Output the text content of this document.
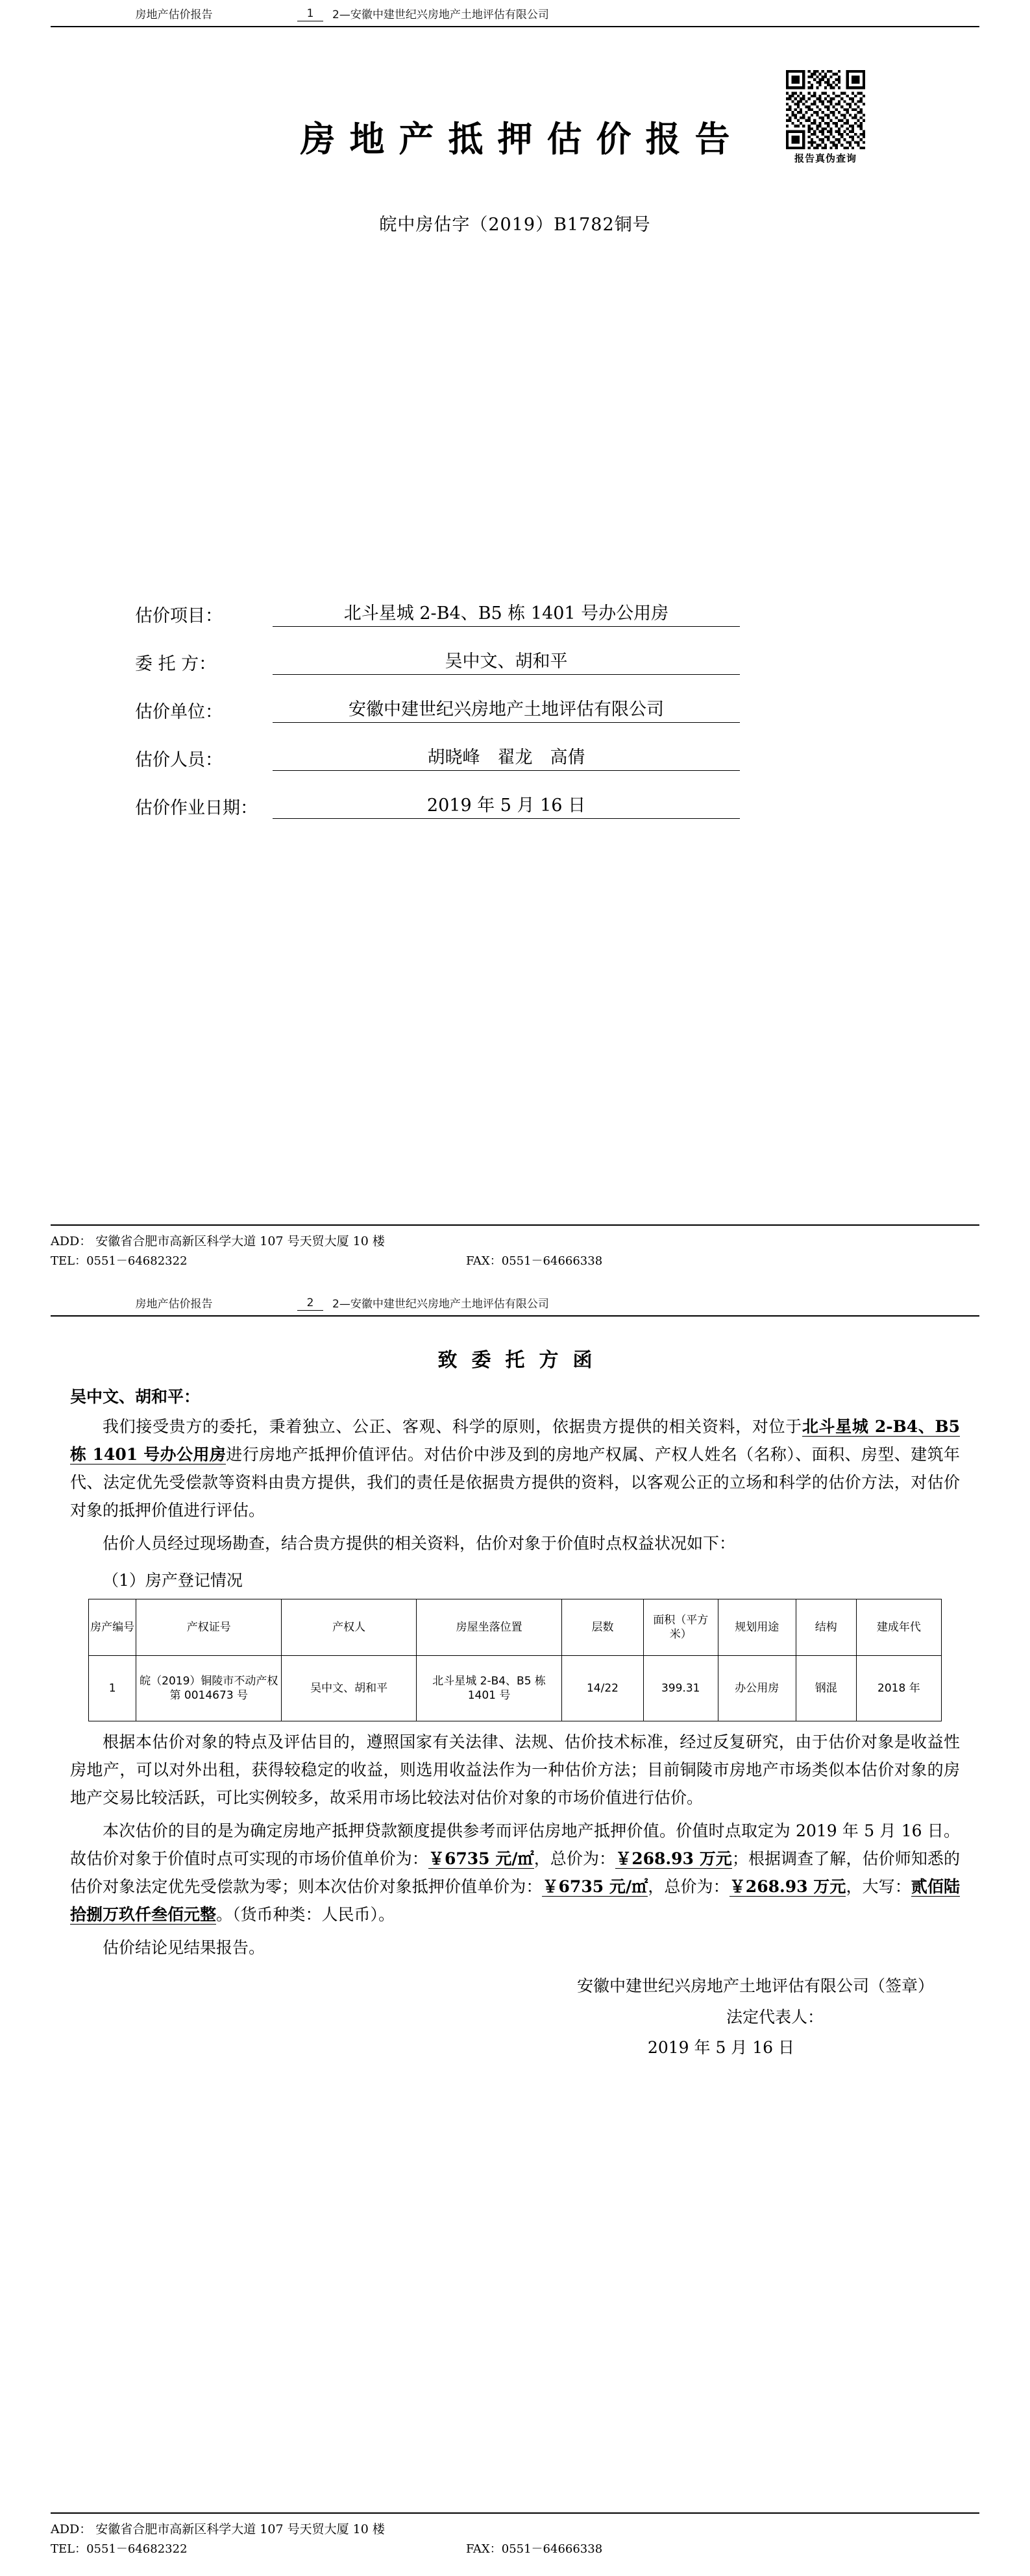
房地产估价报告	1	2—安徽中建世纪兴房地产土地评估有限公司
报告真伪查询
房地产抵押估价报告
皖中房估字（2019）B1782铜号
估价项目：	北斗星城 2-B4、B5 栋 1401 号办公用房
委 托 方：	吴中文、胡和平
估价单位：	安徽中建世纪兴房地产土地评估有限公司
估价人员：	胡晓峰　翟龙　高倩
估价作业日期：	2019 年 5 月 16 日
ADD： 安徽省合肥市高新区科学大道 107 号天贸大厦 10 楼
TEL：0551－64682322	FAX：0551－64666338
房地产估价报告	2	2—安徽中建世纪兴房地产土地评估有限公司
致委托方函
吴中文、胡和平：

我们接受贵方的委托，秉着独立、公正、客观、科学的原则，依据贵方提供的相关资料，对位于北斗星城 2-B4、B5 栋 1401 号办公用房进行房地产抵押价值评估。对估价中涉及到的房地产权属、产权人姓名（名称）、面积、房型、建筑年代、法定优先受偿款等资料由贵方提供，我们的责任是依据贵方提供的资料，以客观公正的立场和科学的估价方法，对估价对象的抵押价值进行评估。

估价人员经过现场勘查，结合贵方提供的相关资料，估价对象于价值时点权益状况如下：

（1）房产登记情况
房产编号	产权证号	产权人	房屋坐落位置	层数	面积（平方米）	规划用途	结构	建成年代
1	皖（2019）铜陵市不动产权第 0014673 号	吴中文、胡和平	北斗星城 2-B4、B5 栋 1401 号	14/22	399.31	办公用房	钢混	2018 年

根据本估价对象的特点及评估目的，遵照国家有关法律、法规、估价技术标准，经过反复研究，由于估价对象是收益性房地产，可以对外出租，获得较稳定的收益，则选用收益法作为一种估价方法；目前铜陵市房地产市场类似本估价对象的房地产交易比较活跃，可比实例较多，故采用市场比较法对估价对象的市场价值进行估价。

本次估价的目的是为确定房地产抵押贷款额度提供参考而评估房地产抵押价值。价值时点取定为 2019 年 5 月 16 日。故估价对象于价值时点可实现的市场价值单价为：￥6735 元/㎡，总价为：￥268.93 万元；根据调查了解，估价师知悉的估价对象法定优先受偿款为零；则本次估价对象抵押价值单价为：￥6735 元/㎡，总价为：￥268.93 万元，大写：贰佰陆拾捌万玖仟叁佰元整。（货币种类：人民币）。

估价结论见结果报告。

安徽中建世纪兴房地产土地评估有限公司（签章）
法定代表人：
2019 年 5 月 16 日
ADD： 安徽省合肥市高新区科学大道 107 号天贸大厦 10 楼
TEL：0551－64682322	FAX：0551－64666338
